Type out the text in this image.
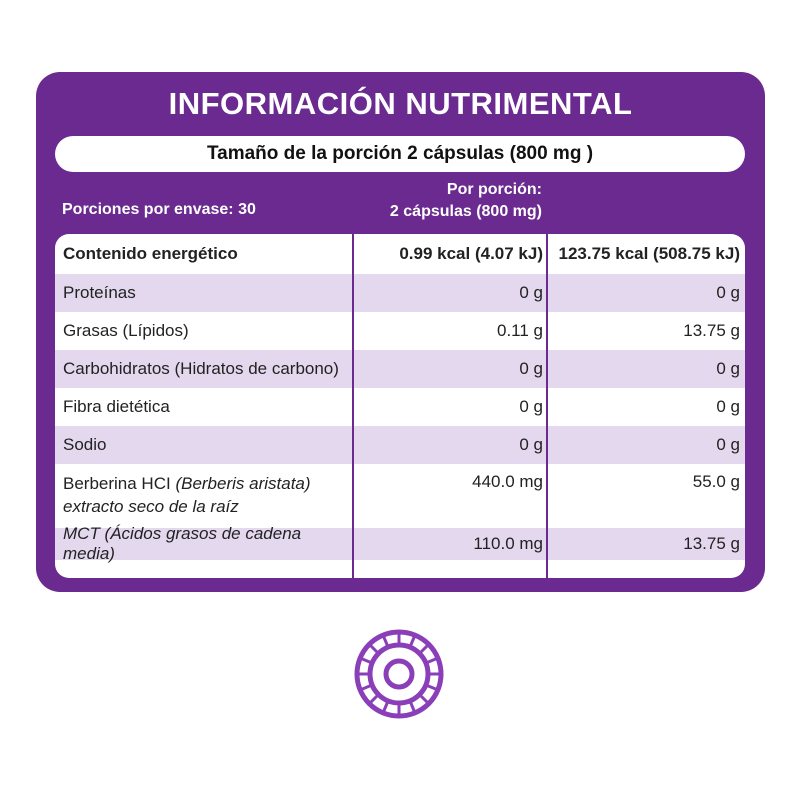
INFORMACIÓN NUTRIMENTAL
Tamaño de la porción 2 cápsulas (800 mg )
Porciones por envase: 30
Por porción:
2 cápsulas (800 mg)
Contenido energético	0.99 kcal (4.07 kJ) 123.75 kcal (508.75 kJ)
Proteínas	0 g	0 g
Grasas (Lípidos)	0.11 g	13.75 g
Carbohidratos (Hidratos de carbono)	0 g	0 g
Fibra dietética	0 g	0 g
Sodio	0 g	0 g
Berberina HCI (Berberis aristata)
extracto seco de la raíz
440.0 mg	55.0 g
MCT (Ácidos grasos de cadena media)
110.0 mg	13.75 g
